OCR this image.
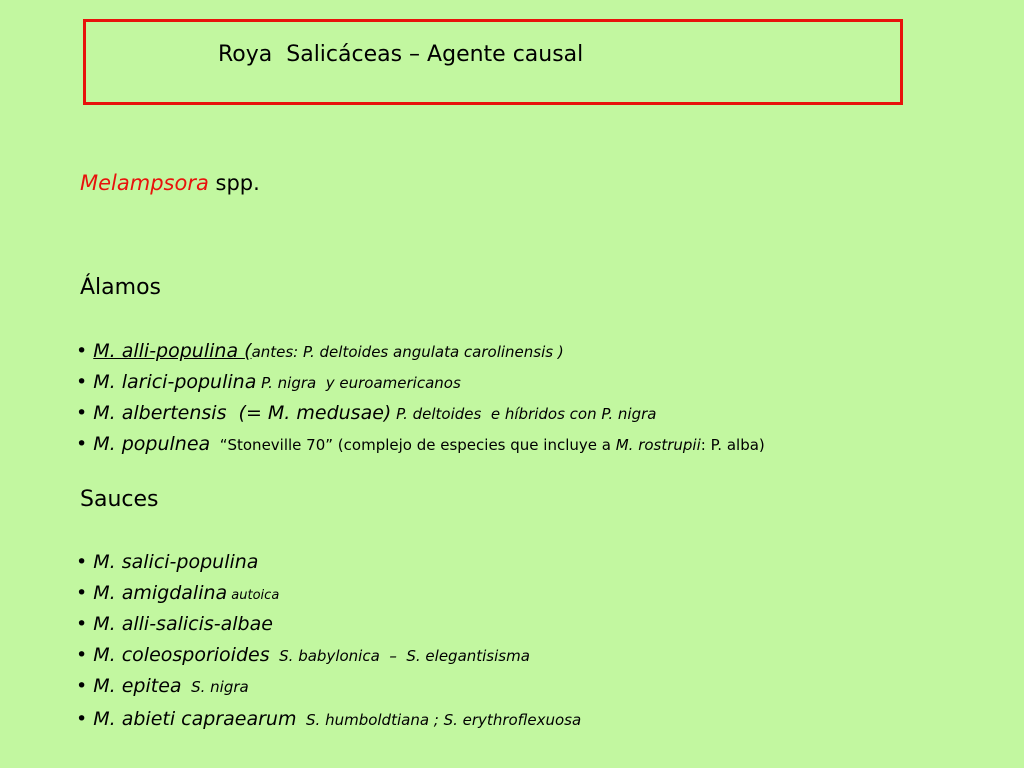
Roya  Salicáceas – Agente causal
Melampsora spp.
Álamos
• M. alli-populina (antes: P. deltoides angulata carolinensis )
• M. larici-populina P. nigra  y euroamericanos
• M. albertensis  (= M. medusae) P. deltoides  e híbridos con P. nigra
• M. populnea  “Stoneville 70” (complejo de especies que incluye a M. rostrupii: P. alba)
Sauces
• M. salici-populina
• M. amigdalina autoica
• M. alli-salicis-albae
• M. coleosporioides  S. babylonica  –  S. elegantisisma
• M. epitea  S. nigra
• M. abieti capraearum  S. humboldtiana ; S. erythroflexuosa
